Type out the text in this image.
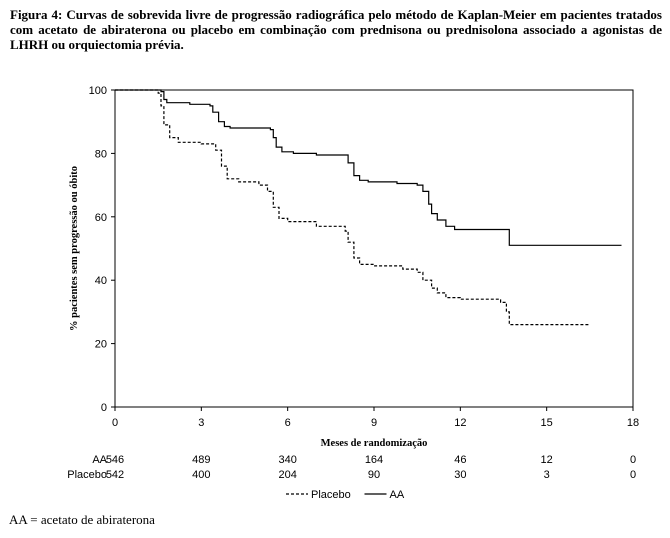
Figura 4: Curvas de sobrevida livre de progressão radiográfica pelo método de Kaplan-Meier em pacientes tratados com acetato de abiraterona ou placebo em combinação com prednisona ou prednisolona associado a agonistas de LHRH ou orquiectomia prévia.
0
20
40
60
80
100
0	3	6	9	12	15	18
% pacientes sem progressão ou óbito
Meses de randomização
AA
546	489	340	164	46	12	0
Placebo
542	400	204	90	30	3	0
Placebo	AA
AA = acetato de abiraterona
